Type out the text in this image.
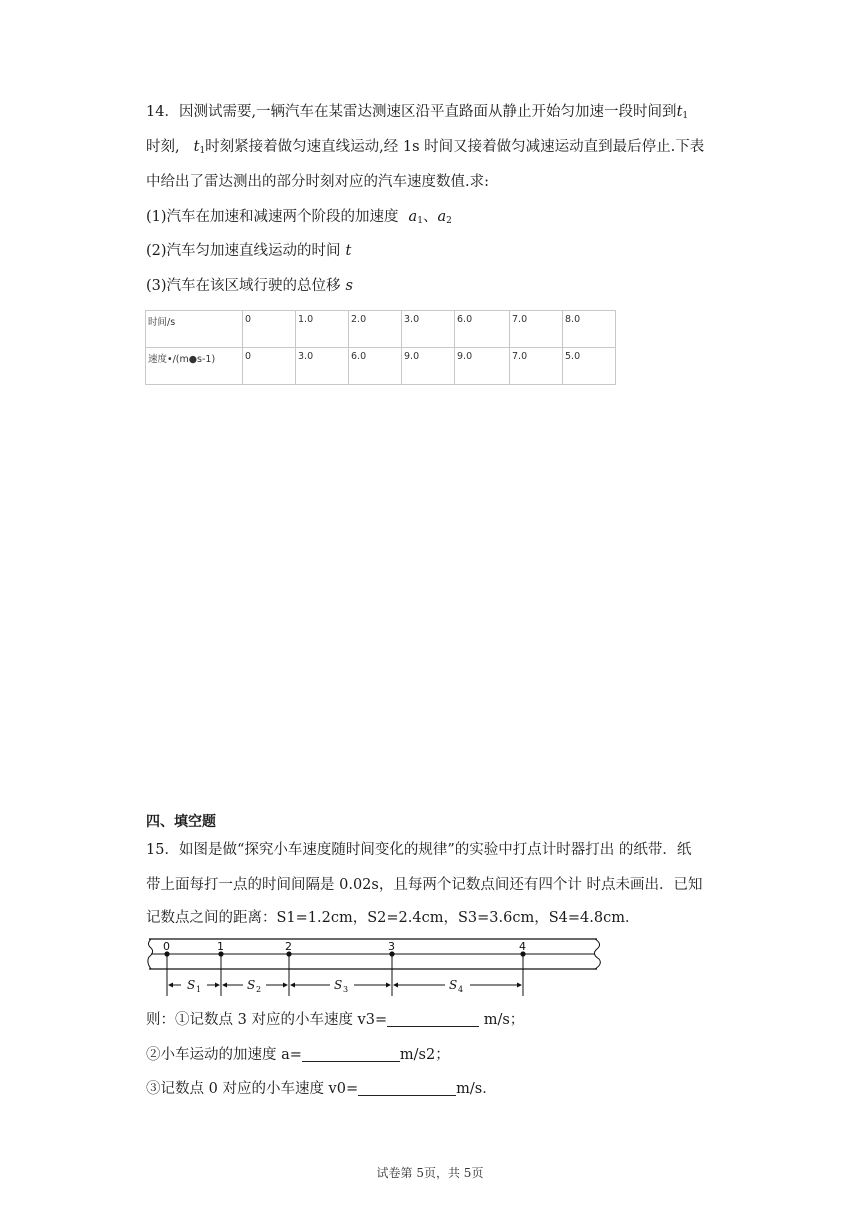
14．因测试需要,一辆汽车在某雷达测速区沿平直路面从静止开始匀加速一段时间到$t_1$
时刻, $t_1$时刻紧接着做匀速直线运动,经 1s 时间又接着做匀减速运动直到最后停止.下表
中给出了雷达测出的部分时刻对应的汽车速度数值.求:
(1)汽车在加速和减速两个阶段的加速度 $a_1$、$a_2$
(2)汽车匀加速直线运动的时间 t
(3)汽车在该区域行驶的总位移 s
时间/s	0	1.0	2.0	3.0	6.0	7.0	8.0
速度•/(m●s-1)	0	3.0	6.0	9.0	9.0	7.0	5.0
四、填空题
15．如图是做“探究小车速度随时间变化的规律”的实验中打点计时器打出 的纸带．纸
带上面每打一点的时间间隔是 0.02s，且每两个记数点间还有四个计 时点未画出．已知
记数点之间的距离：S1=1.2cm，S2=2.4cm，S3=3.6cm，S4=4.8cm．
0	1	2	3	4
S 1	S 2	S 3	S 4
则：①记数点 3 对应的小车速度 v3=	m/s；
②小车运动的加速度 a=	m/s2；
③记数点 0 对应的小车速度 v0=	m/s．
试卷第 5页，共 5页
